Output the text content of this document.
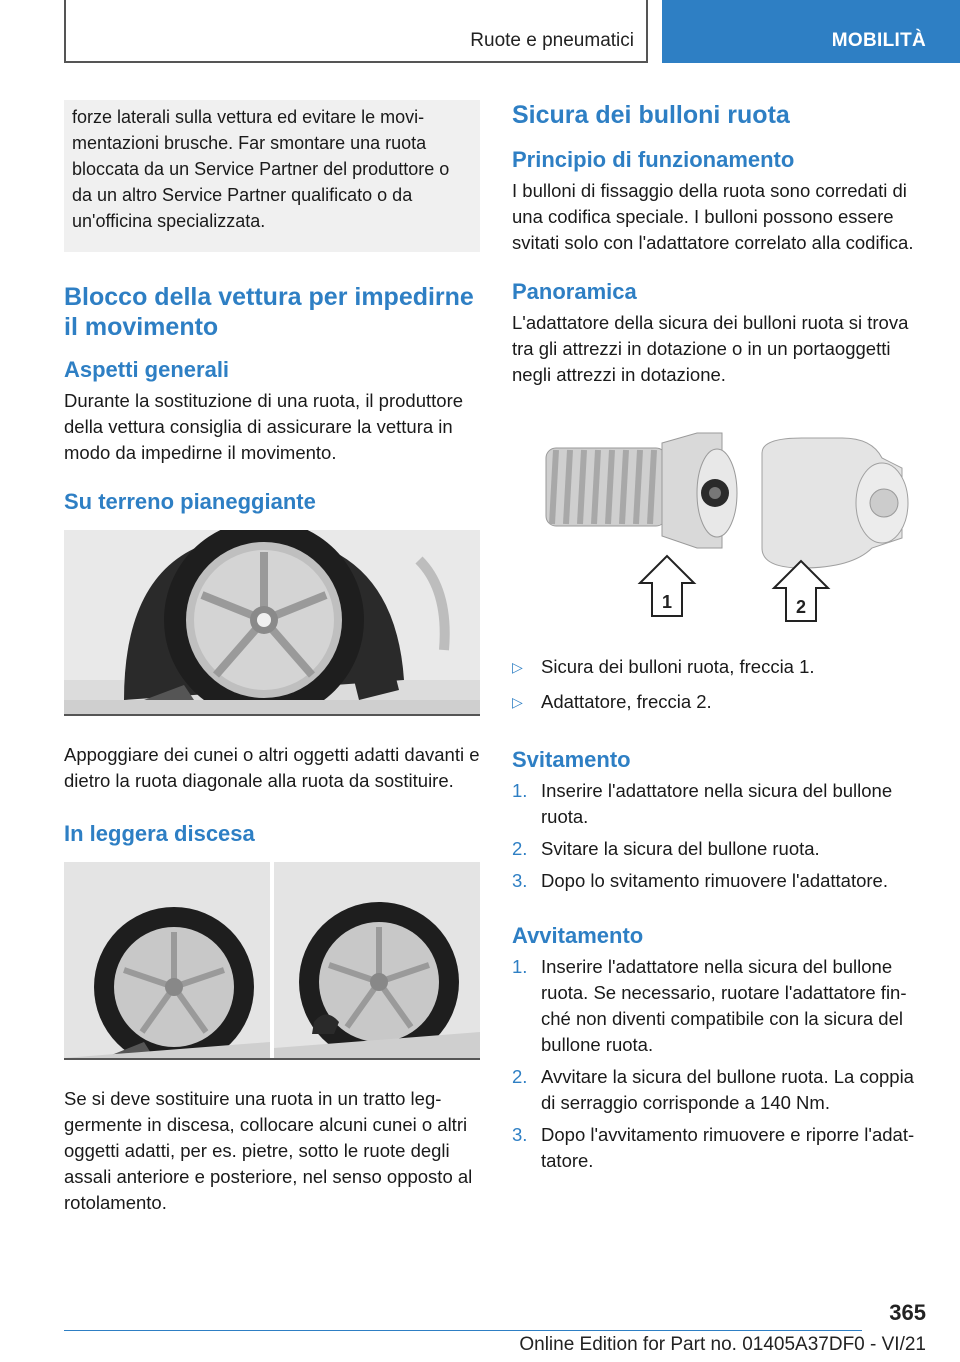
Ruote e pneumatici	MOBILITÀ

forze laterali sulla vettura ed evitare le movimentazioni brusche. Far smontare una ruota bloccata da un Service Partner del produttore o da un altro Service Partner qualificato o da un'officina specializzata.

Blocco della vettura per impedirne il movimento
Aspetti generali

Durante la sostituzione di una ruota, il produttore della vettura consiglia di assicurare la vettura in modo da impedirne il movimento.

Su terreno pianeggiante

Appoggiare dei cunei o altri oggetti adatti davanti e dietro la ruota diagonale alla ruota da sostituire.

In leggera discesa

Se si deve sostituire una ruota in un tratto leggermente in discesa, collocare alcuni cunei o altri oggetti adatti, per es. pietre, sotto le ruote degli assali anteriore e posteriore, nel senso opposto al rotolamento.

Sicura dei bulloni ruota
Principio di funzionamento

I bulloni di fissaggio della ruota sono corredati di una codifica speciale. I bulloni possono essere svitati solo con l'adattatore correlato alla codifica.

Panoramica

L'adattatore della sicura dei bulloni ruota si trova tra gli attrezzi in dotazione o in un portaoggetti negli attrezzi in dotazione.

1	2
▷ Sicura dei bulloni ruota, freccia 1.
▷ Adattatore, freccia 2.
Svitamento
1. Inserire l'adattatore nella sicura del bullone ruota.
2. Svitare la sicura del bullone ruota.
3. Dopo lo svitamento rimuovere l'adattatore.
Avvitamento
1. Inserire l'adattatore nella sicura del bullone ruota. Se necessario, ruotare l'adattatore finché non diventi compatibile con la sicura del bullone ruota.
2. Avvitare la sicura del bullone ruota. La coppia di serraggio corrisponde a 140 Nm.
3. Dopo l'avvitamento rimuovere e riporre l'adattatore.
365
Online Edition for Part no. 01405A37DF0 - VI/21
